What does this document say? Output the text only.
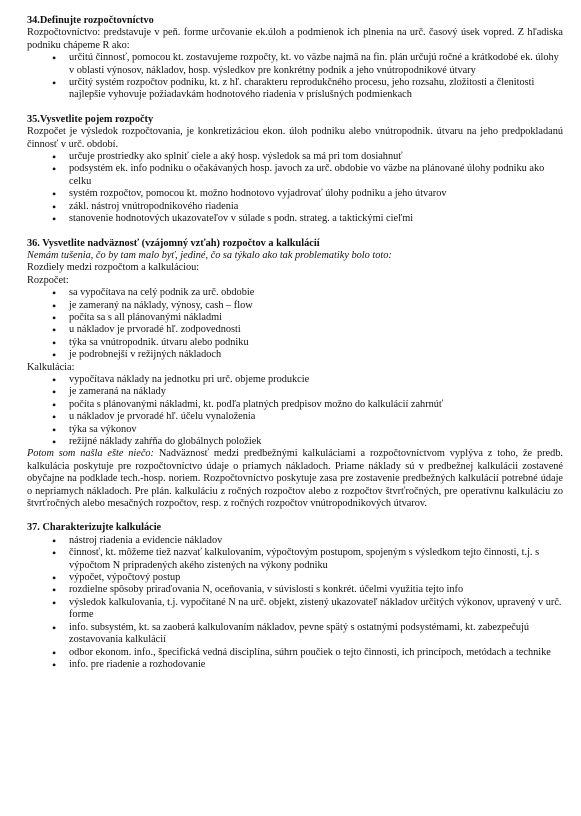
34.Definujte rozpočtovníctvo

Rozpočtovníctvo: predstavuje v peň. forme určovanie ek.úloh a podmienok ich plnenia na urč. časový úsek vopred. Z hľadiska podniku chápeme R ako:

• určitú činnosť, pomocou kt. zostavujeme rozpočty, kt. vo väzbe najmä na fin. plán určujú ročné a krátkodobé ek. úlohy v oblasti výnosov, nákladov, hosp. výsledkov pre konkrétny podnik a jeho vnútropodnikové útvary
• určitý systém rozpočtov podniku, kt. z hľ. charakteru reprodukčného procesu, jeho rozsahu, zložitosti a členitosti najlepšie vyhovuje požiadavkám hodnotového riadenia v príslušných podmienkach

35.Vysvetlite pojem rozpočty

Rozpočet je výsledok rozpočtovania, je konkretizáciou ekon. úloh podniku alebo vnútropodnik. útvaru na jeho predpokladanú činnosť v urč. období.

• určuje prostriedky ako splniť ciele a aký hosp. výsledok sa má pri tom dosiahnuť
• podsystém ek. info podniku o očakávaných hosp. javoch za urč. obdobie vo väzbe na plánované úlohy podniku ako celku
• systém rozpočtov, pomocou kt. možno hodnotovo vyjadrovať úlohy podniku a jeho útvarov
• zákl. nástroj vnútropodnikového riadenia
• stanovenie hodnotových ukazovateľov v súlade s podn. strateg. a taktickými cieľmi

36. Vysvetlite nadväznosť (vzájomný vzťah) rozpočtov a kalkulácií

Nemám tušenia, čo by tam malo byť, jediné, čo sa týkalo ako tak problematiky bolo toto:

Rozdiely medzi rozpočtom a kalkuláciou:

Rozpočet:

• sa vypočítava na celý podnik za urč. obdobie
• je zameraný na náklady, výnosy, cash – flow
• počíta sa s all plánovanými nákladmi
• u nákladov je prvoradé hľ. zodpovednosti
• týka sa vnútropodnik. útvaru alebo podniku
• je podrobnejší v režijných nákladoch

Kalkulácia:

• vypočítava náklady na jednotku pri urč. objeme produkcie
• je zameraná na náklady
• počíta s plánovanými nákladmi, kt. podľa platných predpisov možno do kalkulácií zahrnúť
• u nákladov je prvoradé hľ. účelu vynaloženia
• týka sa výkonov
• režijné náklady zahŕňa do globálnych položiek

Potom som našla ešte niečo: Nadväznosť medzi predbežnými kalkuláciami a rozpočtovníctvom vyplýva z toho, že predb. kalkulácia poskytuje pre rozpočtovníctvo údaje o priamych nákladoch. Priame náklady sú v predbežnej kalkulácii zostavené obyčajne na podklade tech.-hosp. noriem. Rozpočtovníctvo poskytuje zasa pre zostavenie predbežných kalkulácií potrebné údaje o nepriamych nákladoch. Pre plán. kalkuláciu z ročných rozpočtov alebo z rozpočtov štvrťročných, pre operatívnu kalkuláciu zo štvrťročných alebo mesačných rozpočtov, resp. z ročných rozpočtov vnútropodnikových útvarov.

37. Charakterizujte kalkulácie

• nástroj riadenia a evidencie nákladov
• činnosť, kt. môžeme tiež nazvať kalkulovaním, výpočtovým postupom, spojeným s výsledkom tejto činnosti, t.j. s výpočtom N pripradených akého zistených na výkony podniku
• výpočet, výpočtový postup
• rozdielne spôsoby priraďovania N, oceňovania, v súvislosti s konkrét. účelmi využitia tejto info
• výsledok kalkulovania, t.j. vypočítané N na urč. objekt, zistený ukazovateľ nákladov určitých výkonov, upravený v urč. forme
• info. subsystém, kt. sa zaoberá kalkulovaním nákladov, pevne spätý s ostatnými podsystémami, kt. zabezpečujú zostavovania kalkulácií
• odbor ekonom. info., špecifická vedná disciplína, súhrn poučiek o tejto činnosti, ich princípoch, metódach a technike
• info. pre riadenie a rozhodovanie
